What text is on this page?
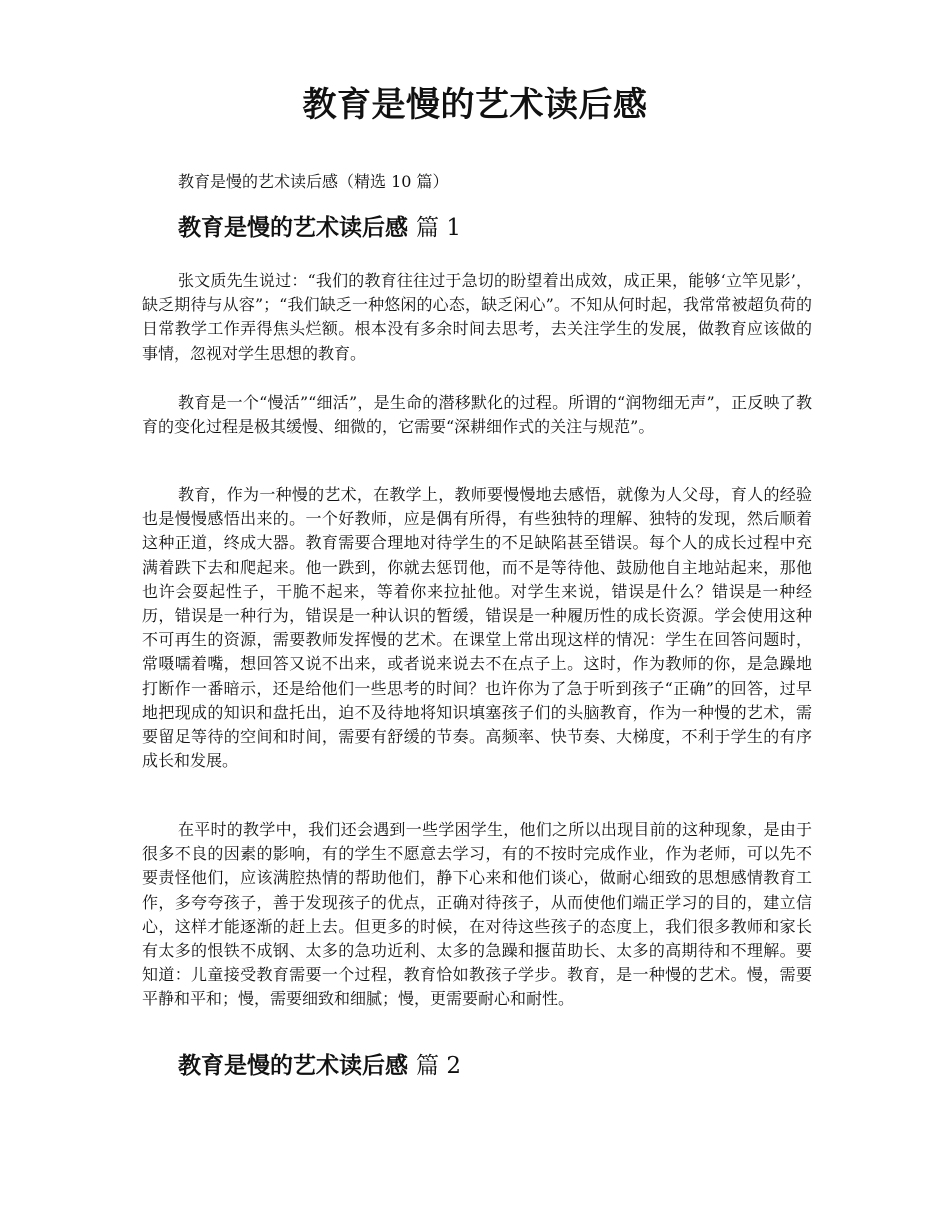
教育是慢的艺术读后感

教育是慢的艺术读后感（精选 10 篇）

教育是慢的艺术读后感 篇 1

张文质先生说过：“我们的教育往往过于急切的盼望着出成效，成正果，能够‘立竿见影’，缺乏期待与从容”；“我们缺乏一种悠闲的心态，缺乏闲心”。不知从何时起，我常常被超负荷的日常教学工作弄得焦头烂额。根本没有多余时间去思考，去关注学生的发展，做教育应该做的事情，忽视对学生思想的教育。

教育是一个“慢活”“细活”，是生命的潜移默化的过程。所谓的“润物细无声”，正反映了教育的变化过程是极其缓慢、细微的，它需要“深耕细作式的关注与规范”。

教育，作为一种慢的艺术，在教学上，教师要慢慢地去感悟，就像为人父母，育人的经验也是慢慢感悟出来的。一个好教师，应是偶有所得，有些独特的理解、独特的发现，然后顺着这种正道，终成大器。教育需要合理地对待学生的不足缺陷甚至错误。每个人的成长过程中充满着跌下去和爬起来。他一跌到，你就去惩罚他，而不是等待他、鼓励他自主地站起来，那他也许会耍起性子，干脆不起来，等着你来拉扯他。对学生来说，错误是什么？错误是一种经历，错误是一种行为，错误是一种认识的暂缓，错误是一种履历性的成长资源。学会使用这种不可再生的资源，需要教师发挥慢的艺术。在课堂上常出现这样的情况：学生在回答问题时，常嗫嚅着嘴，想回答又说不出来，或者说来说去不在点子上。这时，作为教师的你，是急躁地打断作一番暗示，还是给他们一些思考的时间？也许你为了急于听到孩子“正确”的回答，过早地把现成的知识和盘托出，迫不及待地将知识填塞孩子们的头脑教育，作为一种慢的艺术，需要留足等待的空间和时间，需要有舒缓的节奏。高频率、快节奏、大梯度，不利于学生的有序成长和发展。

在平时的教学中，我们还会遇到一些学困学生，他们之所以出现目前的这种现象，是由于很多不良的因素的影响，有的学生不愿意去学习，有的不按时完成作业，作为老师，可以先不要责怪他们，应该满腔热情的帮助他们，静下心来和他们谈心，做耐心细致的思想感情教育工作，多夸夸孩子，善于发现孩子的优点，正确对待孩子，从而使他们端正学习的目的，建立信心，这样才能逐渐的赶上去。但更多的时候，在对待这些孩子的态度上，我们很多教师和家长有太多的恨铁不成钢、太多的急功近利、太多的急躁和揠苗助长、太多的高期待和不理解。要知道：儿童接受教育需要一个过程，教育恰如教孩子学步。教育，是一种慢的艺术。慢，需要平静和平和；慢，需要细致和细腻；慢，更需要耐心和耐性。

教育是慢的艺术读后感 篇 2
